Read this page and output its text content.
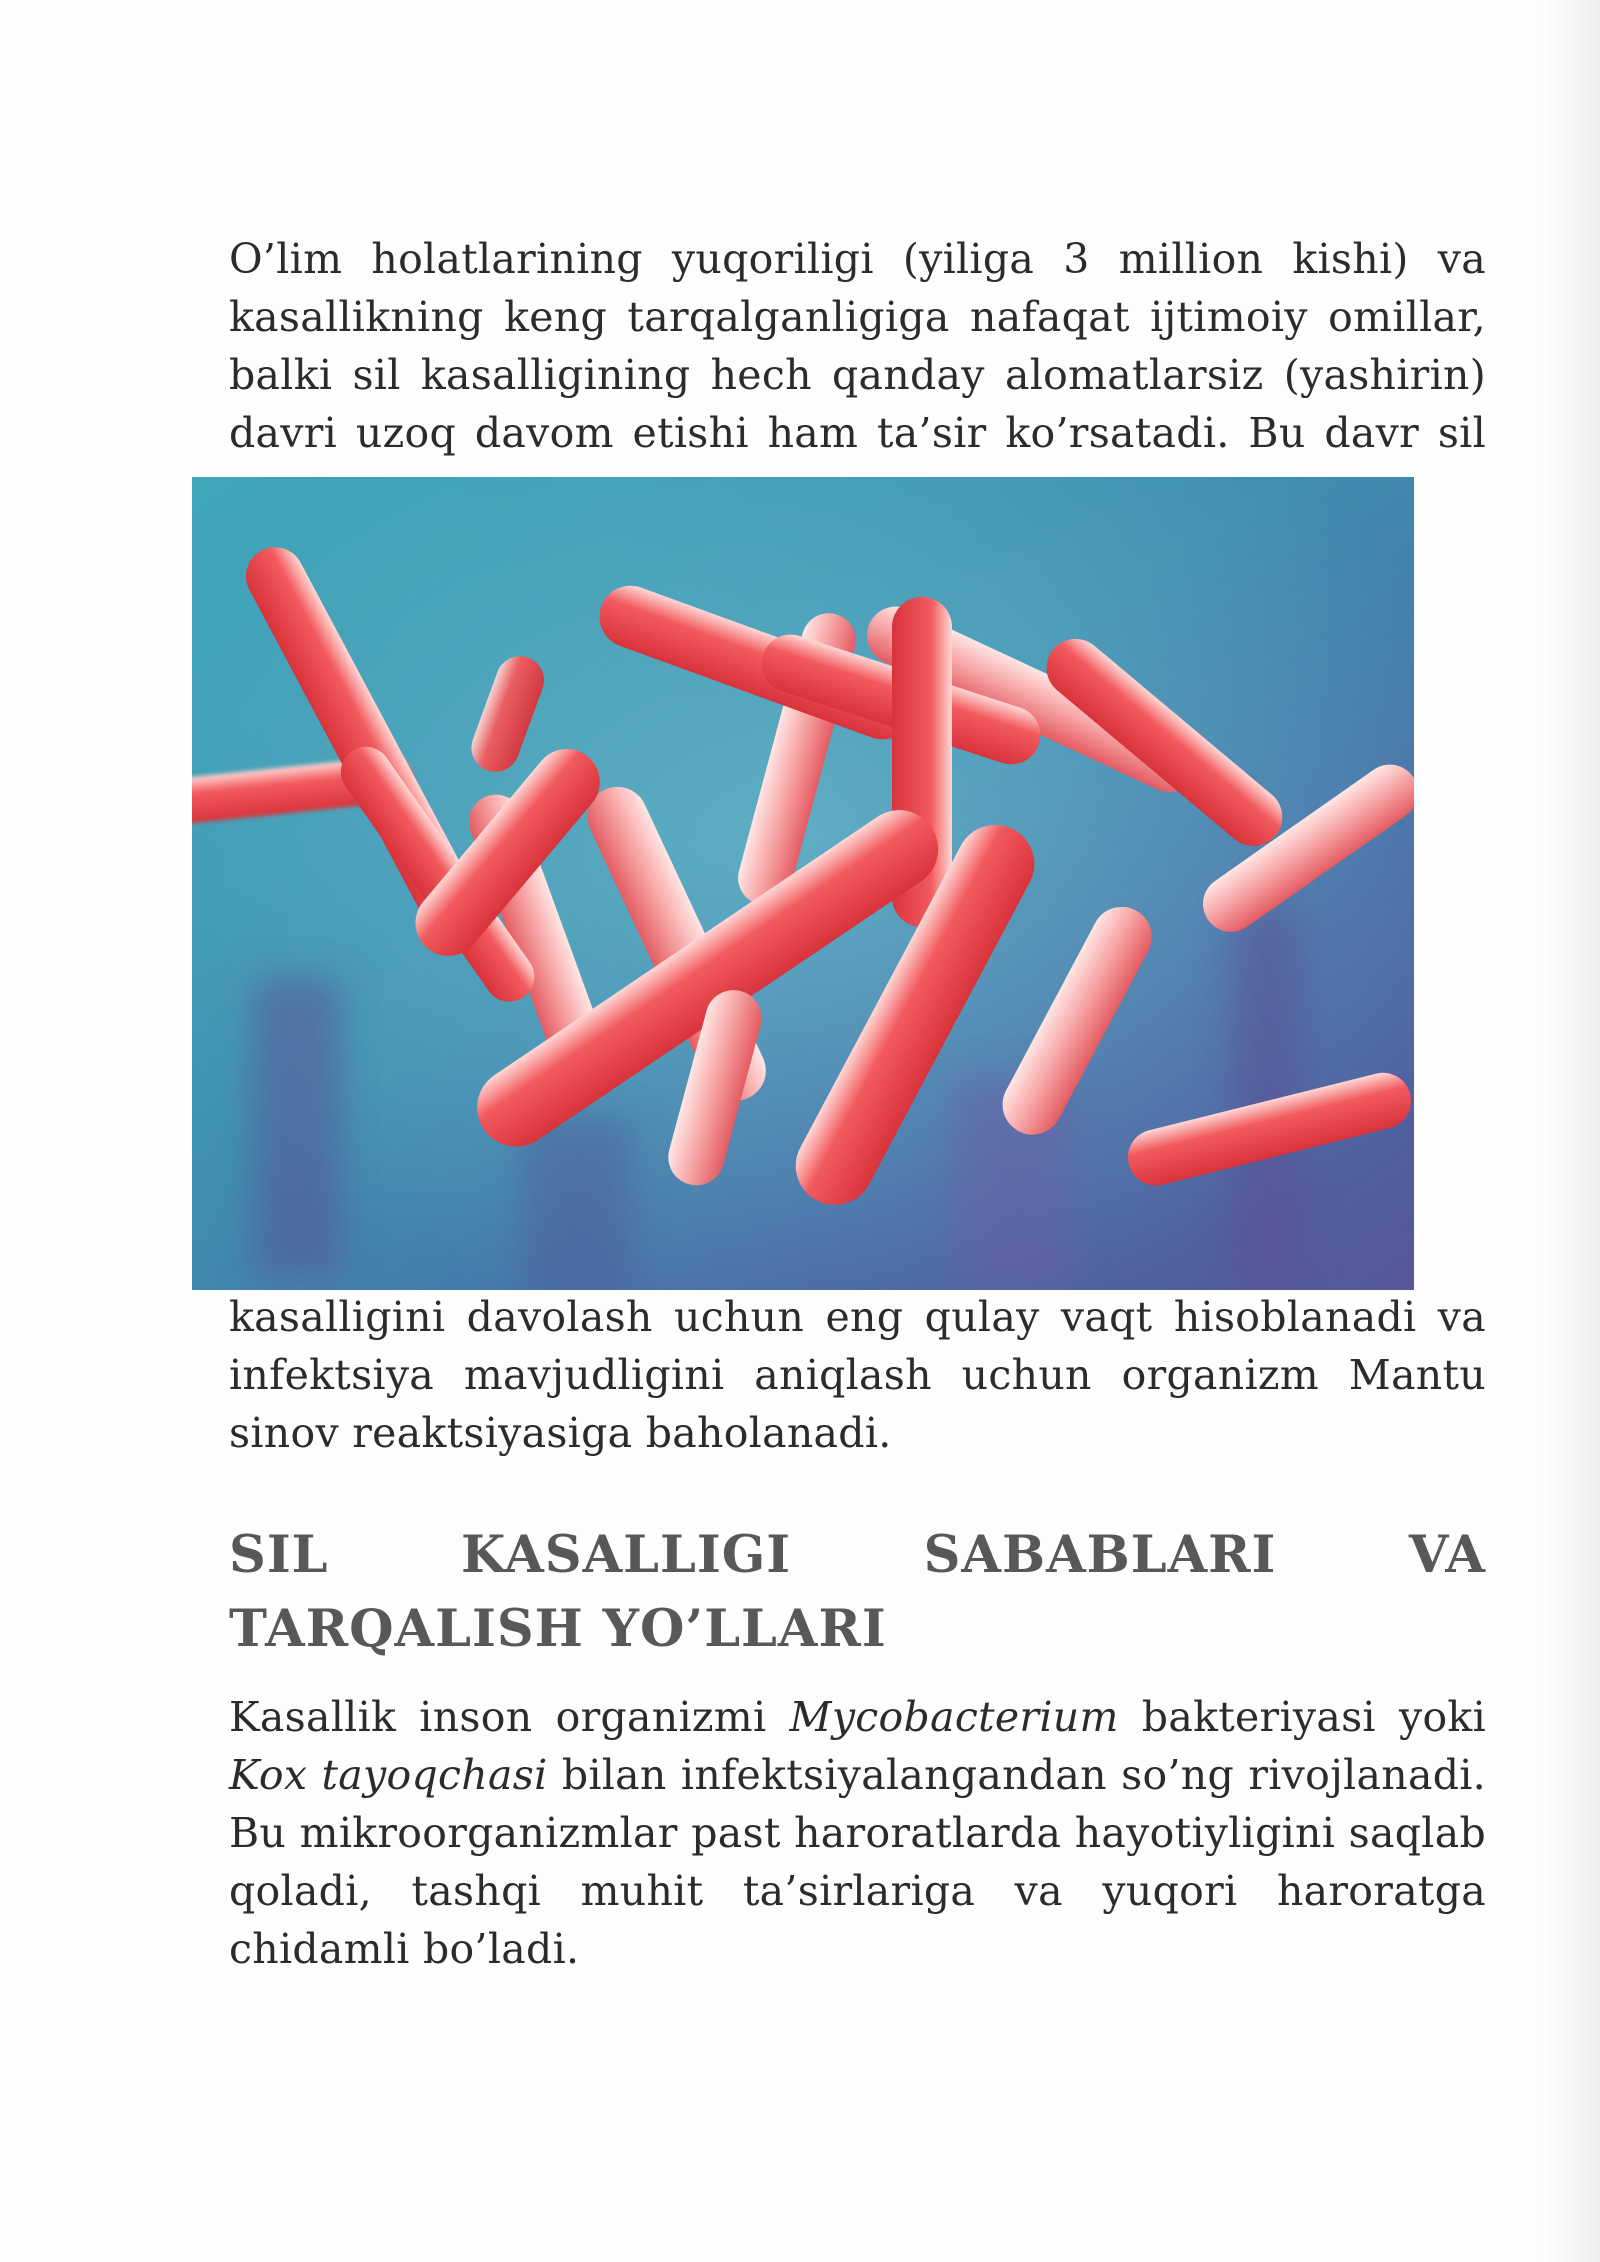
O’lim holatlarining yuqoriligi (yiliga 3 million kishi) va kasallikning keng tarqalganligiga nafaqat ijtimoiy omillar, balki sil kasalligining hech qanday alomatlarsiz (yashirin) davri uzoq davom etishi ham ta’sir ko’rsatadi. Bu davr sil

kasalligini davolash uchun eng qulay vaqt hisoblanadi va infektsiya mavjudligini aniqlash uchun organizm Mantu sinov reaktsiyasiga baholanadi.

SIL KASALLIGI SABABLARI VA TARQALISH YO’LLARI

Kasallik inson organizmi Mycobacterium bakteriyasi yoki Kox tayoqchasi bilan infektsiyalangandan so’ng rivojlanadi. Bu mikroorganizmlar past haroratlarda hayotiyligini saqlab qoladi, tashqi muhit ta’sirlariga va yuqori haroratga chidamli bo’ladi.
